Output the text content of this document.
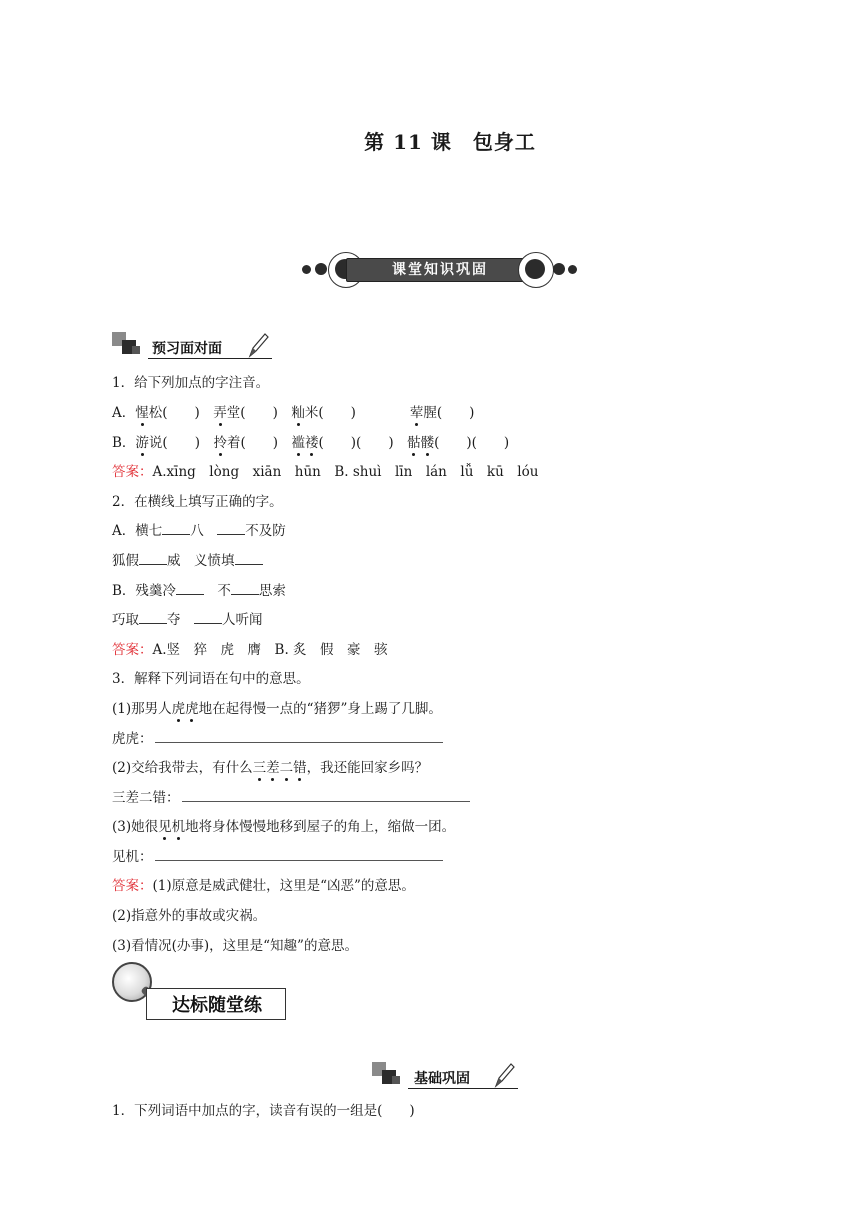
第 11 课　包身工
课堂知识巩固
预习面对面
1．给下列加点的字注音。
A．惺松(　　)　 弄堂(　　)　 籼米(　　)　　　　	荤腥(　　)
B．游说(　　)　 拎着(　　)　 褴褛(　　)(　　)　 骷髅(　　)(　　)
答案：A.xīng　lòng　xiān　hūn　B. shuì　līn　lán　lǚ　kū　lóu
2．在横线上填写正确的字。
A．横七 八　	不及防
狐假 威　义愤填
B．残羹冷　	不 思索
巧取 夺　	人听闻
答案：A.竖　猝　虎　膺　B. 炙　假　豪　骇
3．解释下列词语在句中的意思。
(1)那男人虎虎地在起得慢一点的“猪猡”身上踢了几脚。
虎虎：
(2)交给我带去，有什么三差二错，我还能回家乡吗？
三差二错：
(3)她很见机地将身体慢慢地移到屋子的角上，缩做一团。
见机：
答案：(1)原意是威武健壮，这里是“凶恶”的意思。
(2)指意外的事故或灾祸。
(3)看情况(办事)，这里是“知趣”的意思。
达标随堂练
基础巩固
1．下列词语中加点的字，读音有误的一组是(　　)
